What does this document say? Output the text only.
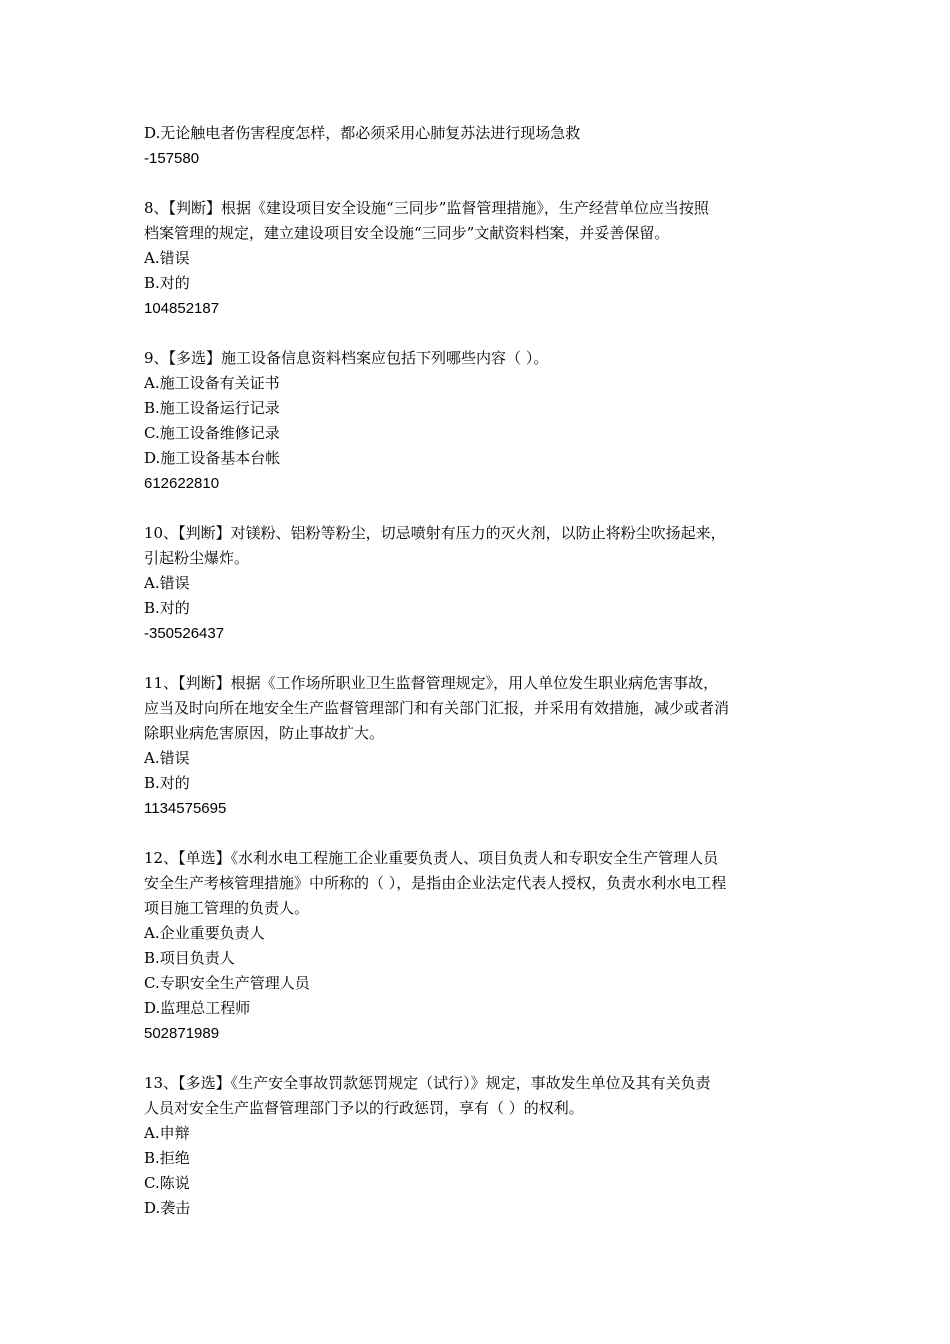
D.无论触电者伤害程度怎样，都必须采用心肺复苏法进行现场急救
-157580
8、【判断】根据《建设项目安全设施“三同步”监督管理措施》，生产经营单位应当按照
档案管理的规定，建立建设项目安全设施“三同步”文献资料档案，并妥善保留。
A.错误
B.对的
104852187
9、【多选】施工设备信息资料档案应包括下列哪些内容（ ）。
A.施工设备有关证书
B.施工设备运行记录
C.施工设备维修记录
D.施工设备基本台帐
612622810
10、【判断】对镁粉、铝粉等粉尘，切忌喷射有压力的灭火剂，以防止将粉尘吹扬起来，
引起粉尘爆炸。
A.错误
B.对的
-350526437
11、【判断】根据《工作场所职业卫生监督管理规定》，用人单位发生职业病危害事故，
应当及时向所在地安全生产监督管理部门和有关部门汇报，并采用有效措施，减少或者消
除职业病危害原因，防止事故扩大。
A.错误
B.对的
1134575695
12、【单选】《水利水电工程施工企业重要负责人、项目负责人和专职安全生产管理人员
安全生产考核管理措施》中所称的（ ），是指由企业法定代表人授权，负责水利水电工程
项目施工管理的负责人。
A.企业重要负责人
B.项目负责人
C.专职安全生产管理人员
D.监理总工程师
502871989
13、【多选】《生产安全事故罚款惩罚规定（试行）》规定，事故发生单位及其有关负责
人员对安全生产监督管理部门予以的行政惩罚，享有（ ）的权利。
A.申辩
B.拒绝
C.陈说
D.袭击
